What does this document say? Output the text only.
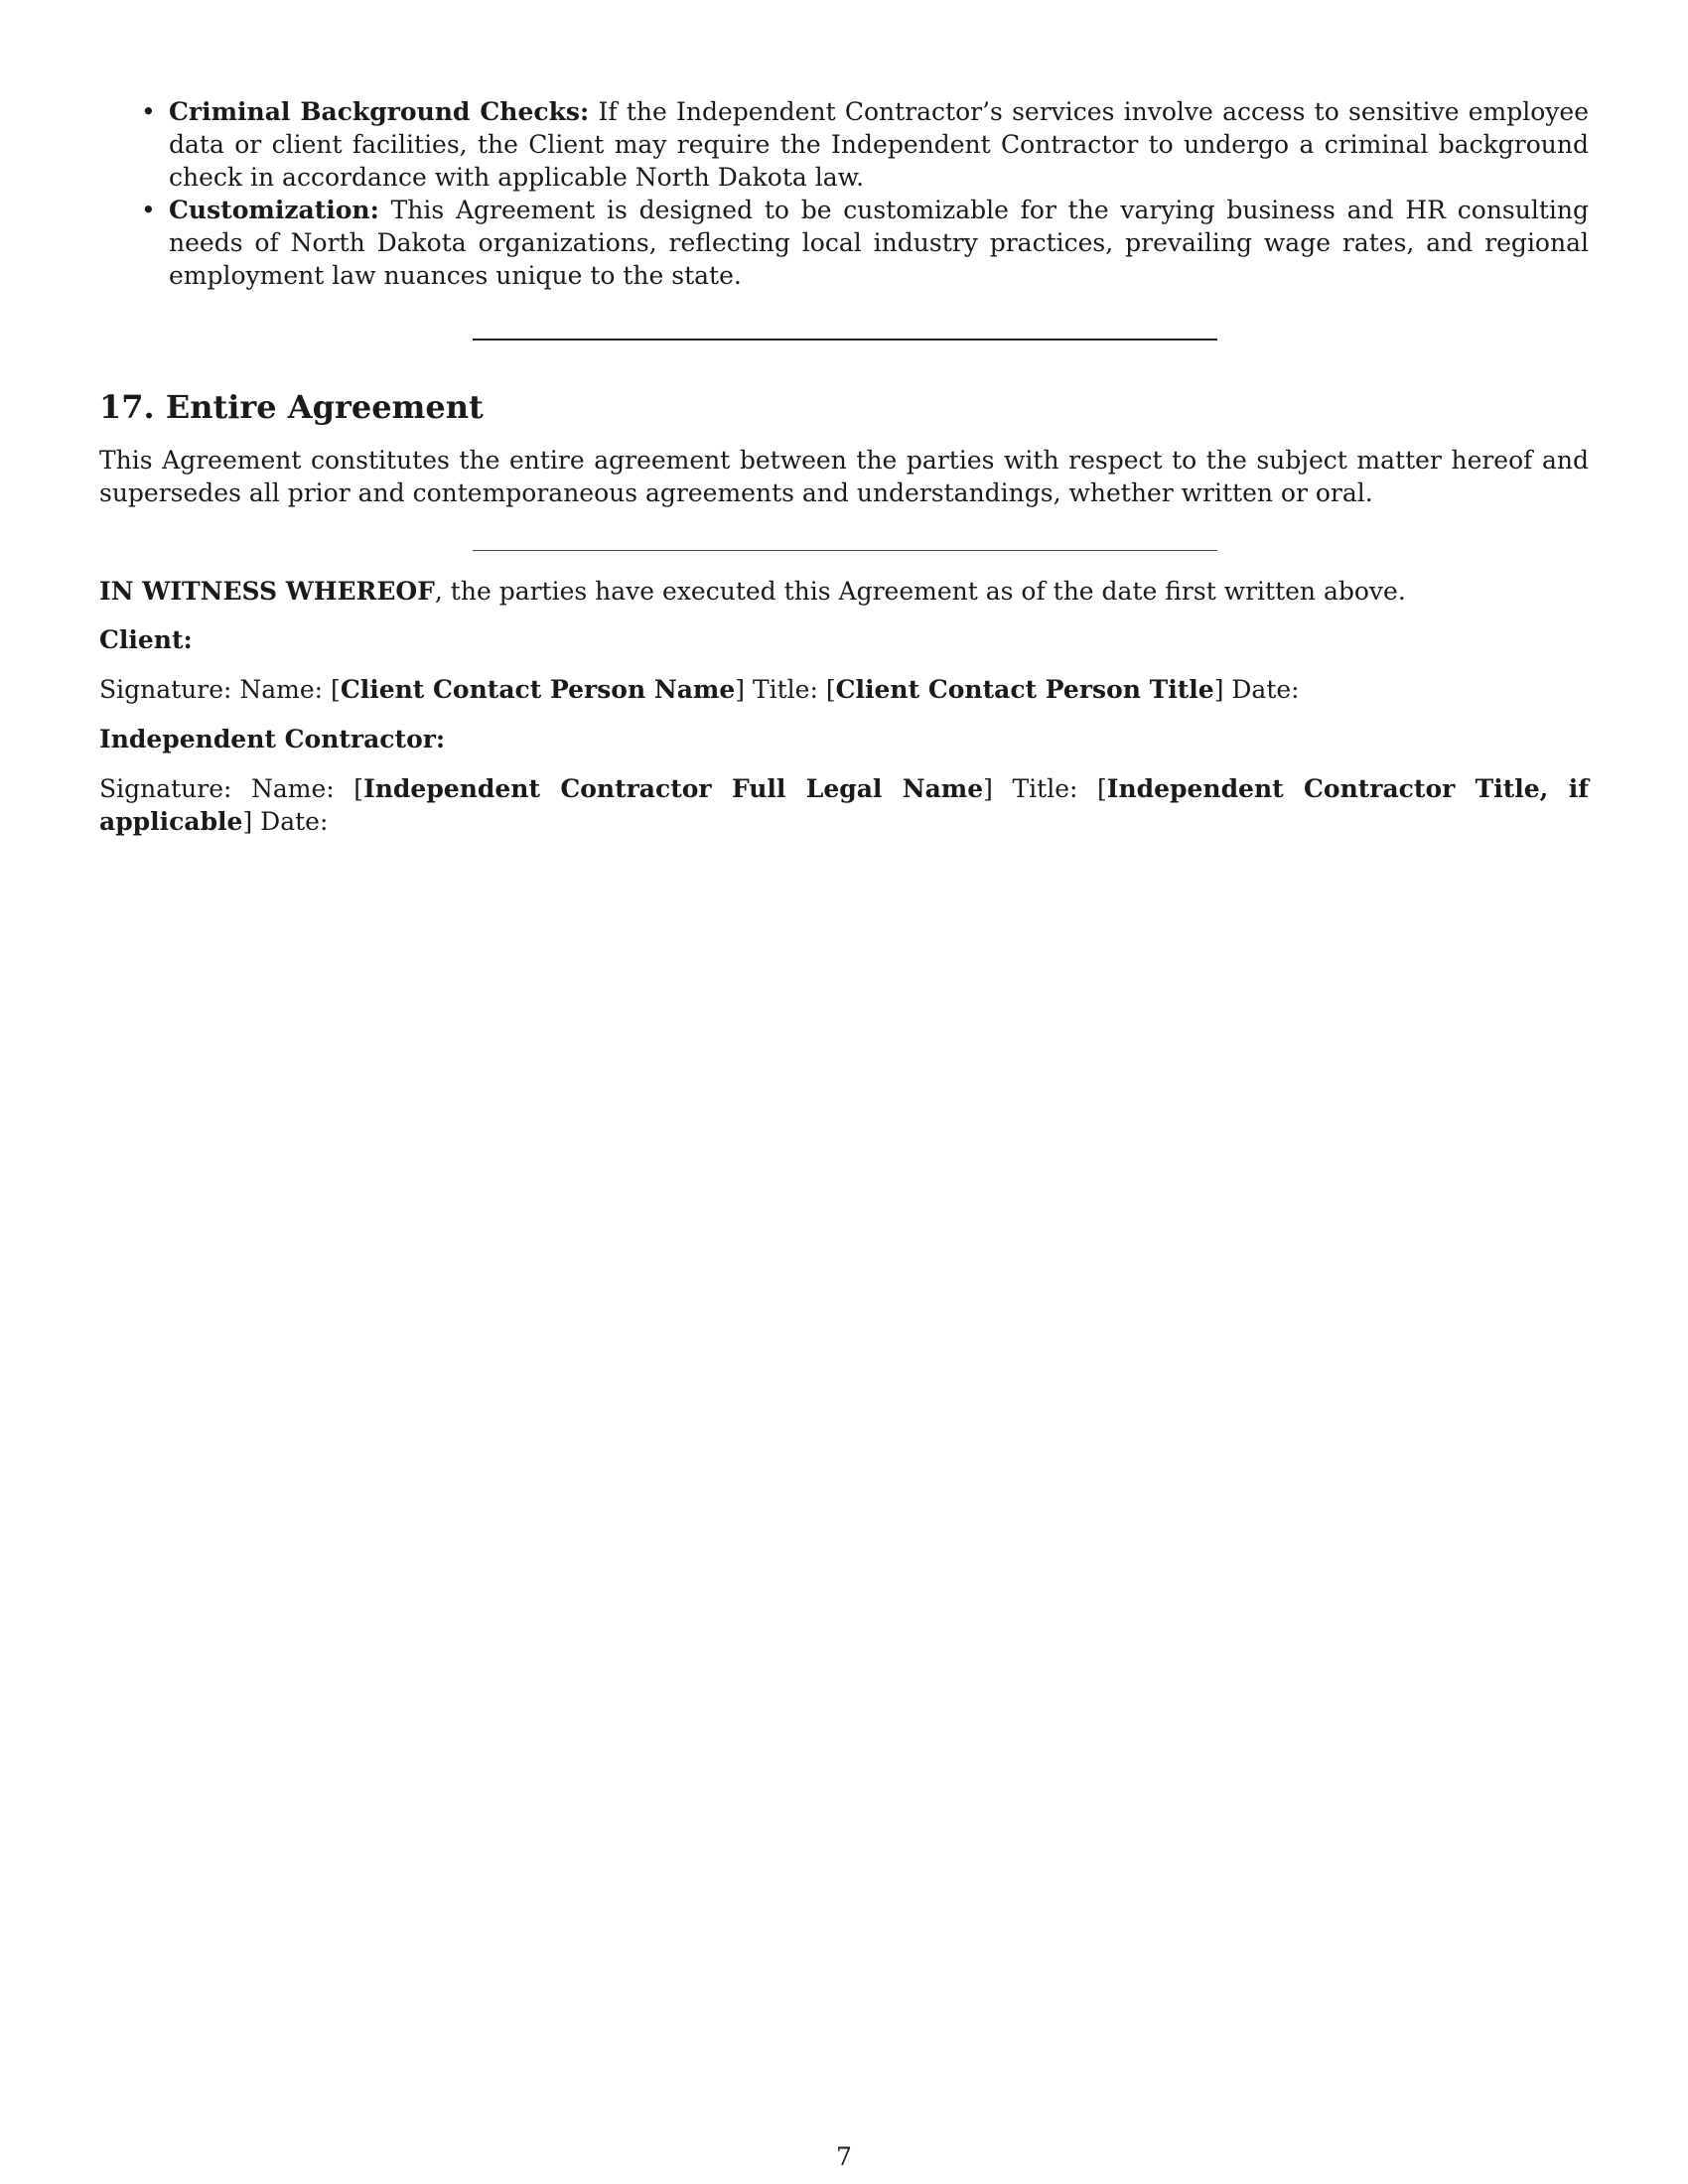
• Criminal Background Checks: If the Independent Contractor’s services involve access to sensitive employee data or client facilities, the Client may require the Independent Contractor to undergo a criminal background check in accordance with applicable North Dakota law.
• Customization: This Agreement is designed to be customizable for the varying business and HR consulting needs of North Dakota organizations, reflecting local industry practices, prevailing wage rates, and regional employment law nuances unique to the state.
17. Entire Agreement

This Agreement constitutes the entire agreement between the parties with respect to the subject matter hereof and supersedes all prior and contemporaneous agreements and understandings, whether written or oral.

IN WITNESS WHEREOF, the parties have executed this Agreement as of the date first written above.

Client:

Signature: Name: [Client Contact Person Name] Title: [Client Contact Person Title] Date:

Independent Contractor:

Signature: Name: [Independent Contractor Full Legal Name] Title: [Independent Contractor Title, if applicable] Date:

7
